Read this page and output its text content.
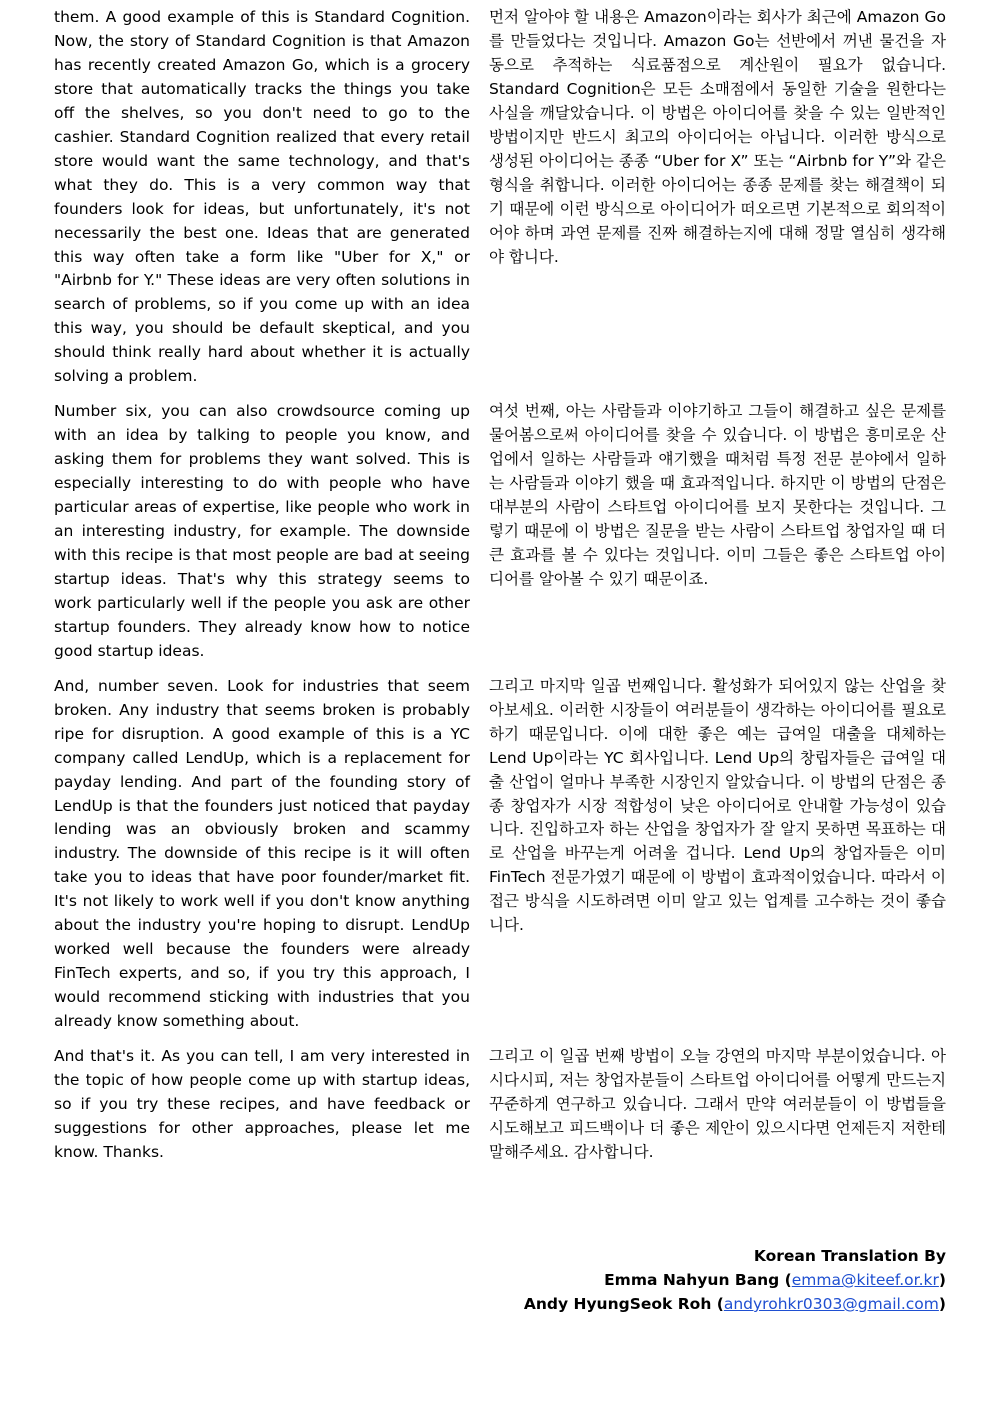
them. A good example of this is Standard Cognition. Now, the story of Standard Cognition is that Amazon has recently created Amazon Go, which is a grocery store that automatically tracks the things you take off the shelves, so you don't need to go to the cashier. Standard Cognition realized that every retail store would want the same technology, and that's what they do. This is a very common way that founders look for ideas, but unfortunately, it's not necessarily the best one. Ideas that are generated this way often take a form like "Uber for X," or "Airbnb for Y." These ideas are very often solutions in search of problems, so if you come up with an idea this way, you should be default skeptical, and you should think really hard about whether it is actually solving a problem.

먼저 알아야 할 내용은 Amazon이라는 회사가 최근에 Amazon Go를 만들었다는 것입니다. Amazon Go는 선반에서 꺼낸 물건을 자동으로 추적하는 식료품점으로 계산원이 필요가 없습니다. Standard Cognition은 모든 소매점에서 동일한 기술을 원한다는 사실을 깨달았습니다. 이 방법은 아이디어를 찾을 수 있는 일반적인 방법이지만 반드시 최고의 아이디어는 아닙니다. 이러한 방식으로 생성된 아이디어는 종종 “Uber for X” 또는 “Airbnb for Y”와 같은 형식을 취합니다. 이러한 아이디어는 종종 문제를 찾는 해결책이 되기 때문에 이런 방식으로 아이디어가 떠오르면 기본적으로 회의적이어야 하며 과연 문제를 진짜 해결하는지에 대해 정말 열심히 생각해야 합니다.

Number six, you can also crowdsource coming up with an idea by talking to people you know, and asking them for problems they want solved. This is especially interesting to do with people who have particular areas of expertise, like people who work in an interesting industry, for example. The downside with this recipe is that most people are bad at seeing startup ideas. That's why this strategy seems to work particularly well if the people you ask are other startup founders. They already know how to notice good startup ideas.

여섯 번째, 아는 사람들과 이야기하고 그들이 해결하고 싶은 문제를 물어봄으로써 아이디어를 찾을 수 있습니다. 이 방법은 흥미로운 산업에서 일하는 사람들과 얘기했을 때처럼 특정 전문 분야에서 일하는 사람들과 이야기 했을 때 효과적입니다. 하지만 이 방법의 단점은 대부분의 사람이 스타트업 아이디어를 보지 못한다는 것입니다. 그렇기 때문에 이 방법은 질문을 받는 사람이 스타트업 창업자일 때 더 큰 효과를 볼 수 있다는 것입니다. 이미 그들은 좋은 스타트업 아이디어를 알아볼 수 있기 때문이죠.

And, number seven. Look for industries that seem broken. Any industry that seems broken is probably ripe for disruption. A good example of this is a YC company called LendUp, which is a replacement for payday lending. And part of the founding story of LendUp is that the founders just noticed that payday lending was an obviously broken and scammy industry. The downside of this recipe is it will often take you to ideas that have poor founder/market fit. It's not likely to work well if you don't know anything about the industry you're hoping to disrupt. LendUp worked well because the founders were already FinTech experts, and so, if you try this approach, I would recommend sticking with industries that you already know something about.

그리고 마지막 일곱 번째입니다. 활성화가 되어있지 않는 산업을 찾아보세요. 이러한 시장들이 여러분들이 생각하는 아이디어를 필요로 하기 때문입니다. 이에 대한 좋은 예는 급여일 대출을 대체하는 Lend Up이라는 YC 회사입니다. Lend Up의 창립자들은 급여일 대출 산업이 얼마나 부족한 시장인지 알았습니다. 이 방법의 단점은 종종 창업자가 시장 적합성이 낮은 아이디어로 안내할 가능성이 있습니다. 진입하고자 하는 산업을 창업자가 잘 알지 못하면 목표하는 대로 산업을 바꾸는게 어려울 겁니다. Lend Up의 창업자들은 이미 FinTech 전문가였기 때문에 이 방법이 효과적이었습니다. 따라서 이 접근 방식을 시도하려면 이미 알고 있는 업계를 고수하는 것이 좋습니다.

And that's it. As you can tell, I am very interested in the topic of how people come up with startup ideas, so if you try these recipes, and have feedback or suggestions for other approaches, please let me know. Thanks.

그리고 이 일곱 번째 방법이 오늘 강연의 마지막 부분이었습니다. 아시다시피, 저는 창업자분들이 스타트업 아이디어를 어떻게 만드는지 꾸준하게 연구하고 있습니다. 그래서 만약 여러분들이 이 방법들을 시도해보고 피드백이나 더 좋은 제안이 있으시다면 언제든지 저한테 말해주세요. 감사합니다.

Korean Translation By
Emma Nahyun Bang (emma@kiteef.or.kr)
Andy HyungSeok Roh (andyrohkr0303@gmail.com)
